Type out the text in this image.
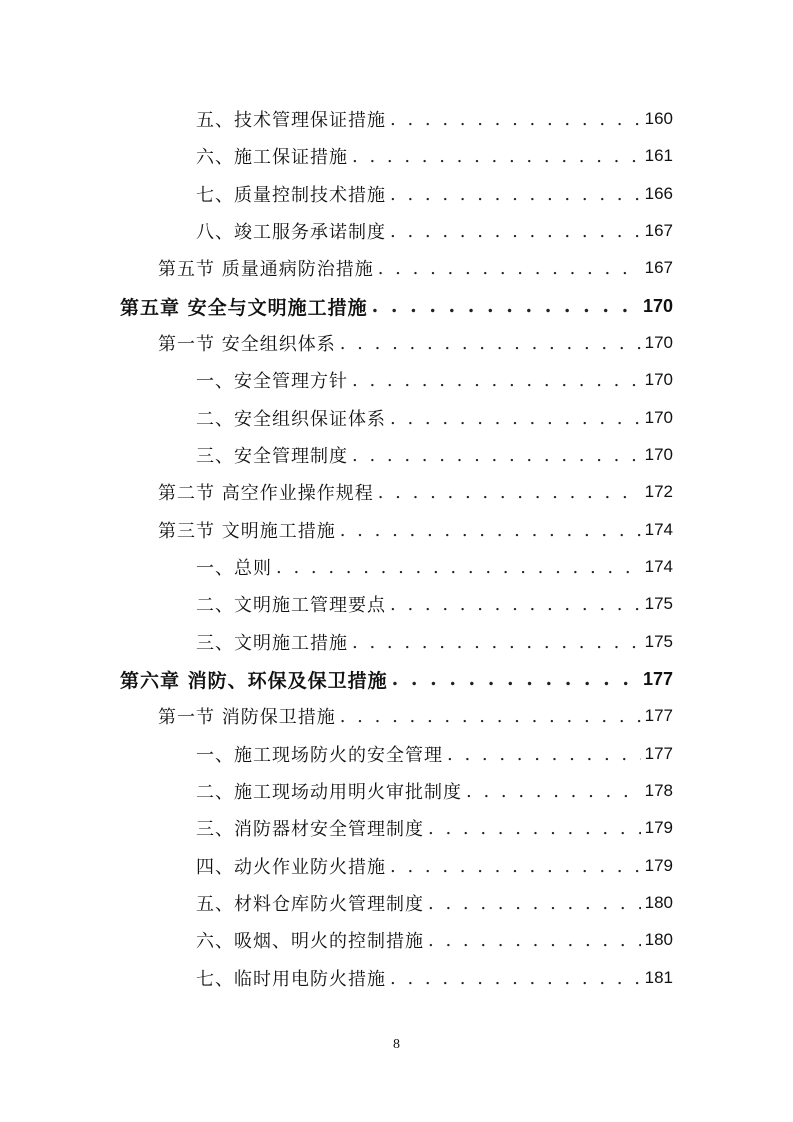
五、技术管理保证措施 . . .	160
六、施工保证措施 . . .	161
七、质量控制技术措施 . . .	166
八、竣工服务承诺制度 . . .	167
第五节 质量通病防治措施 . . .	167
第五章 安全与文明施工措施 . . .	170
第一节 安全组织体系 . . .	170
一、安全管理方针 . . .	170
二、安全组织保证体系 . . .	170
三、安全管理制度 . . .	170
第二节 高空作业操作规程 . . .	172
第三节 文明施工措施 . . .	174
一、总则 . . .	174
二、文明施工管理要点 . . .	175
三、文明施工措施 . . .	175
第六章 消防、环保及保卫措施 . . .	177
第一节 消防保卫措施 . . .	177
一、施工现场防火的安全管理 . . .	177
二、施工现场动用明火审批制度 . . .	178
三、消防器材安全管理制度 . . .	179
四、动火作业防火措施 . . .	179
五、材料仓库防火管理制度 . . .	180
六、吸烟、明火的控制措施 . . .	180
七、临时用电防火措施 . . .	181
8
